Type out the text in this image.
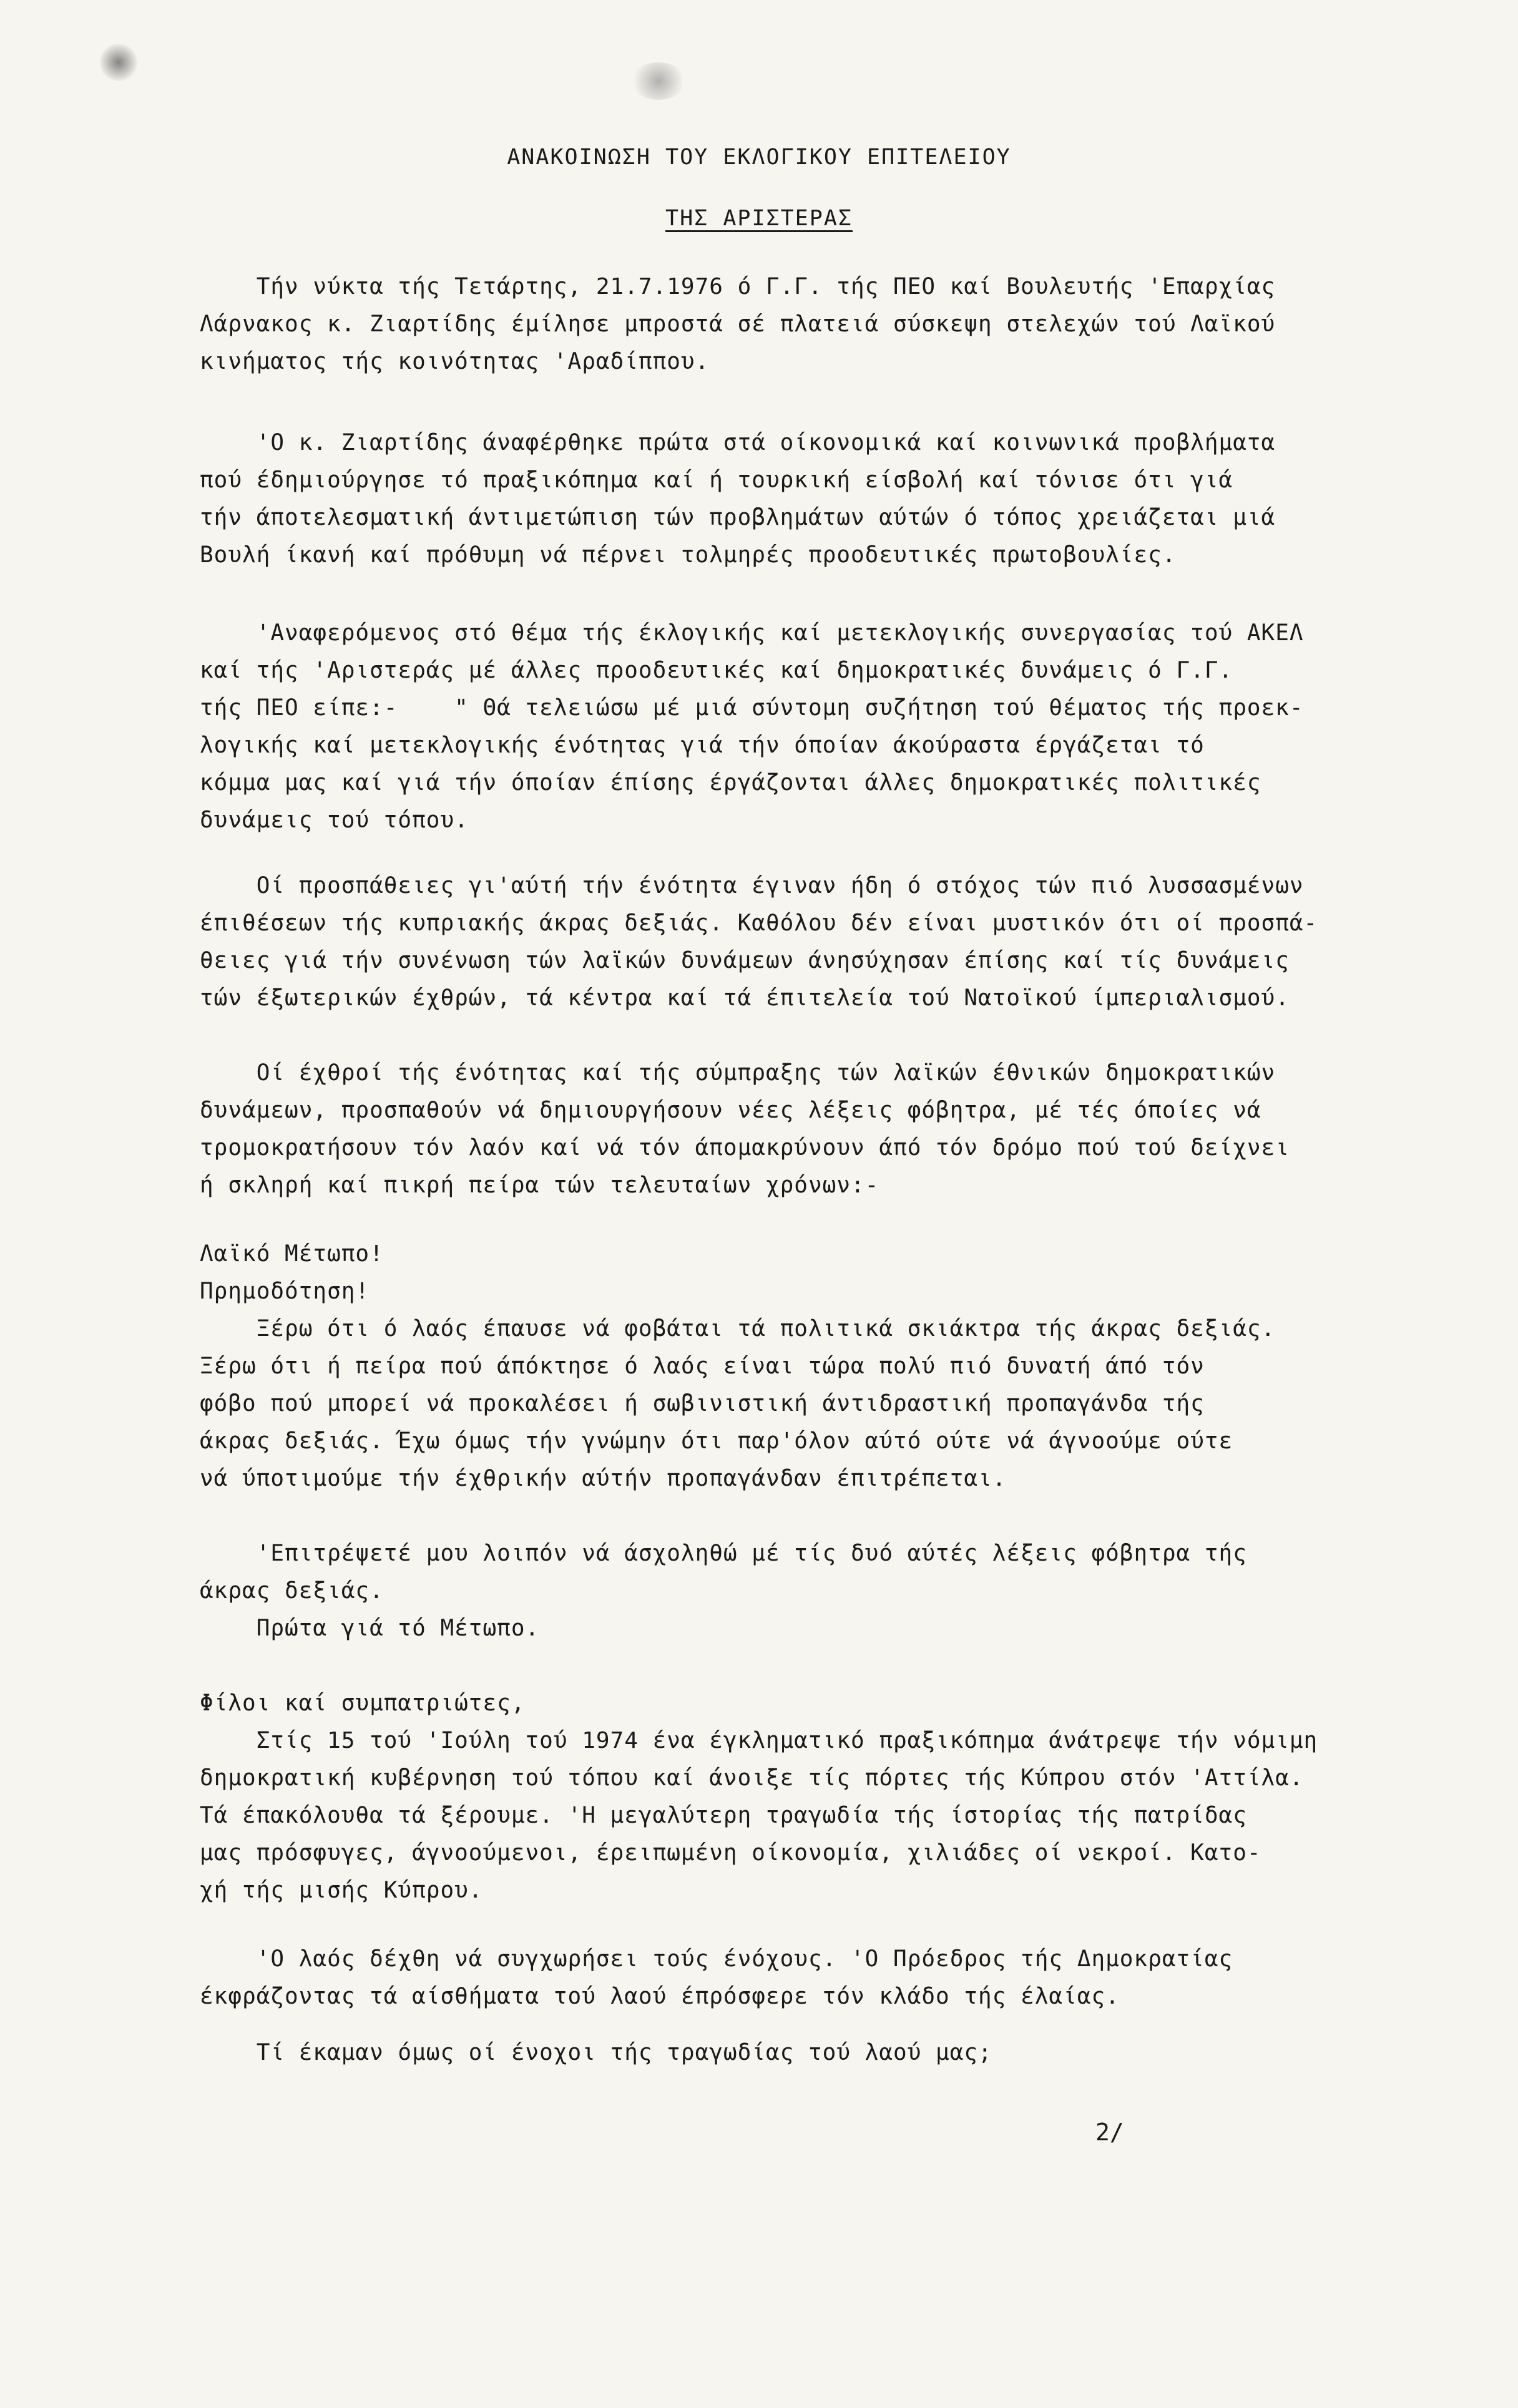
ΑΝΑΚΟΙΝΩΣΗ ΤΟΥ ΕΚΛΟΓΙΚΟΥ ΕΠΙΤΕΛΕΙΟΥ
ΤΗΣ ΑΡΙΣΤΕΡΑΣ
Τήν νύκτα τής Τετάρτης, 21.7.1976 ό Γ.Γ. τής ΠΕΟ καί Βουλευτής 'Επαρχίας
Λάρνακος κ. Ζιαρτίδης έμίλησε μπροστά σέ πλατειά σύσκεψη στελεχών τού Λαϊκού
κινήματος τής κοινότητας 'Αραδίππου.
'Ο κ. Ζιαρτίδης άναφέρθηκε πρώτα στά οίκονομικά καί κοινωνικά προβλήματα
πού έδημιούργησε τό πραξικόπημα καί ή τουρκική είσβολή καί τόνισε ότι γιά
τήν άποτελεσματική άντιμετώπιση τών προβλημάτων αύτών ό τόπος χρειάζεται μιά
Βουλή ίκανή καί πρόθυμη νά πέρνει τολμηρές προοδευτικές πρωτοβουλίες.
'Αναφερόμενος στό θέμα τής έκλογικής καί μετεκλογικής συνεργασίας τού ΑΚΕΛ
καί τής 'Αριστεράς μέ άλλες προοδευτικές καί δημοκρατικές δυνάμεις ό Γ.Γ.
τής ΠΕΟ είπε:-    " Θά τελειώσω μέ μιά σύντομη συζήτηση τού θέματος τής προεκ-
λογικής καί μετεκλογικής ένότητας γιά τήν όποίαν άκούραστα έργάζεται τό
κόμμα μας καί γιά τήν όποίαν έπίσης έργάζονται άλλες δημοκρατικές πολιτικές
δυνάμεις τού τόπου.
Οί προσπάθειες γι'αύτή τήν ένότητα έγιναν ήδη ό στόχος τών πιό λυσσασμένων
έπιθέσεων τής κυπριακής άκρας δεξιάς. Καθόλου δέν είναι μυστικόν ότι οί προσπά-
θειες γιά τήν συνένωση τών λαϊκών δυνάμεων άνησύχησαν έπίσης καί τίς δυνάμεις
τών έξωτερικών έχθρών, τά κέντρα καί τά έπιτελεία τού Νατοϊκού ίμπεριαλισμού.
Οί έχθροί τής ένότητας καί τής σύμπραξης τών λαϊκών έθνικών δημοκρατικών
δυνάμεων, προσπαθούν νά δημιουργήσουν νέες λέξεις φόβητρα, μέ τές όποίες νά
τρομοκρατήσουν τόν λαόν καί νά τόν άπομακρύνουν άπό τόν δρόμο πού τού δείχνει
ή σκληρή καί πικρή πείρα τών τελευταίων χρόνων:-
Λαϊκό Μέτωπο!
Πρημοδότηση!
Ξέρω ότι ό λαός έπαυσε νά φοβάται τά πολιτικά σκιάκτρα τής άκρας δεξιάς.
Ξέρω ότι ή πείρα πού άπόκτησε ό λαός είναι τώρα πολύ πιό δυνατή άπό τόν
φόβο πού μπορεί νά προκαλέσει ή σωβινιστική άντιδραστική προπαγάνδα τής
άκρας δεξιάς. Έχω όμως τήν γνώμην ότι παρ'όλον αύτό ούτε νά άγνοούμε ούτε
νά ύποτιμούμε τήν έχθρικήν αύτήν προπαγάνδαν έπιτρέπεται.
'Επιτρέψετέ μου λοιπόν νά άσχοληθώ μέ τίς δυό αύτές λέξεις φόβητρα τής
άκρας δεξιάς.
Πρώτα γιά τό Μέτωπο.
Φίλοι καί συμπατριώτες,
Στίς 15 τού 'Ιούλη τού 1974 ένα έγκληματικό πραξικόπημα άνάτρεψε τήν νόμιμη
δημοκρατική κυβέρνηση τού τόπου καί άνοιξε τίς πόρτες τής Κύπρου στόν 'Αττίλα.
Τά έπακόλουθα τά ξέρουμε. 'Η μεγαλύτερη τραγωδία τής ίστορίας τής πατρίδας
μας πρόσφυγες, άγνοούμενοι, έρειπωμένη οίκονομία, χιλιάδες οί νεκροί. Κατο-
χή τής μισής Κύπρου.
'Ο λαός δέχθη νά συγχωρήσει τούς ένόχους. 'Ο Πρόεδρος τής Δημοκρατίας
έκφράζοντας τά αίσθήματα τού λαού έπρόσφερε τόν κλάδο τής έλαίας.
Τί έκαμαν όμως οί ένοχοι τής τραγωδίας τού λαού μας;
2/
